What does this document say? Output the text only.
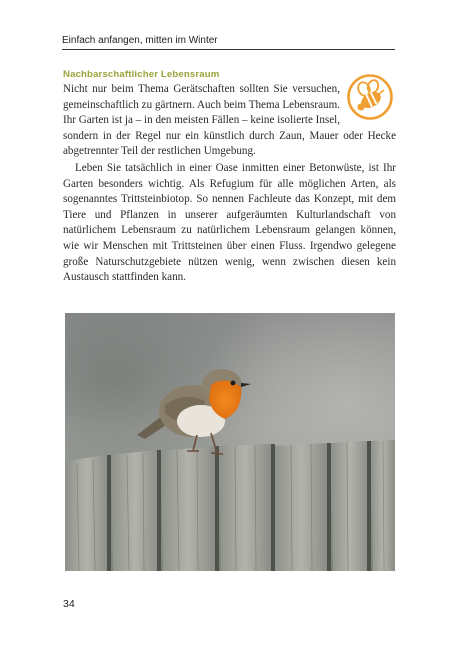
Einfach anfangen, mitten im Winter
Nachbarschaftlicher Lebensraum

Nicht nur beim Thema Gerätschaften sollten Sie versuchen, gemeinschaftlich zu gärtnern. Auch beim Thema Lebensraum. Ihr Garten ist ja – in den meisten Fällen – keine isolierte Insel, sondern in der Regel nur ein künstlich durch Zaun, Mauer oder Hecke abgetrennter Teil der restlichen Umgebung.

Leben Sie tatsächlich in einer Oase inmitten einer Betonwüste, ist Ihr Garten besonders wichtig. Als Refugium für alle möglichen Arten, als sogenanntes Trittsteinbiotop. So nennen Fachleute das Konzept, mit dem Tiere und Pflanzen in unserer aufgeräumten Kulturlandschaft von natürlichem Lebensraum zu natürlichem Lebensraum gelangen können, wie wir Menschen mit Trittsteinen über einen Fluss. Irgendwo gelegene große Naturschutzgebiete nützen wenig, wenn zwischen diesen kein Austausch stattfinden kann.

34
